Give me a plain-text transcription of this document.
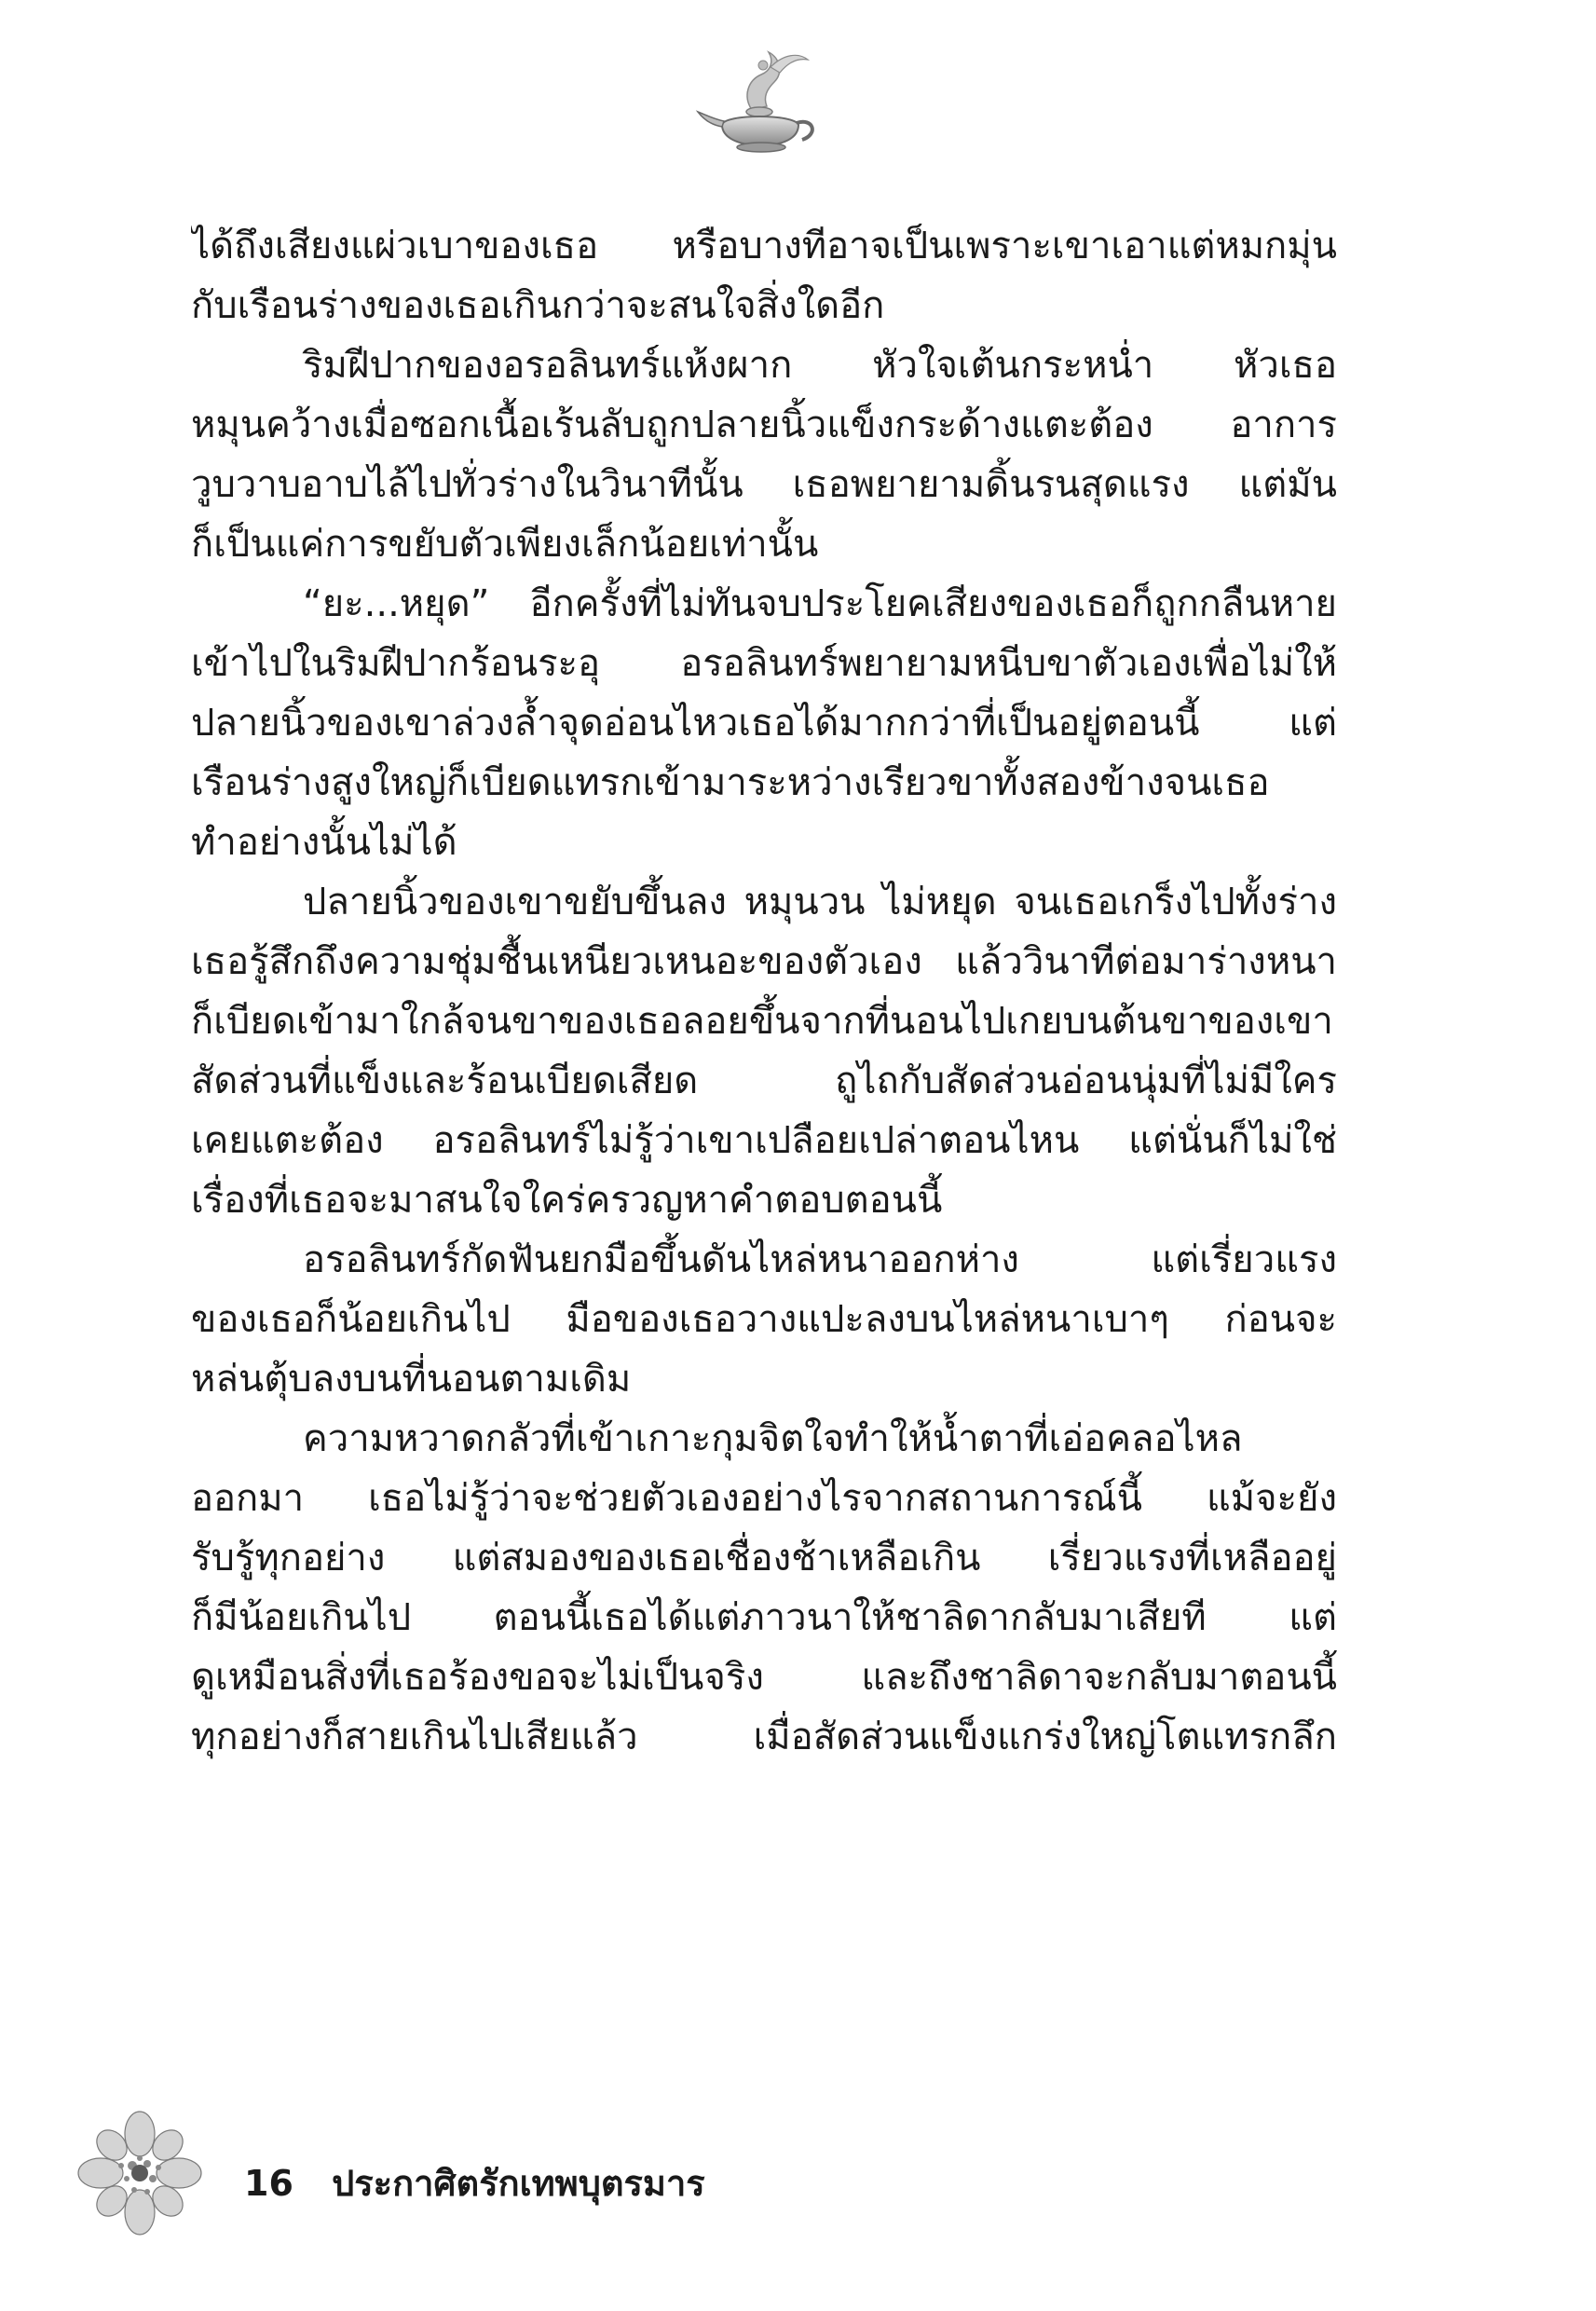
ได้ถึงเสียงแผ่วเบาของเธอ หรือบางทีอาจเป็นเพราะเขาเอาแต่หมกมุ่น
กับเรือนร่างของเธอเกินกว่าจะสนใจสิ่งใดอีก
ริมฝีปากของอรอลินทร์แห้งผาก หัวใจเต้นกระหน่ำ หัวเธอ
หมุนคว้างเมื่อซอกเนื้อเร้นลับถูกปลายนิ้วแข็งกระด้างแตะต้อง อาการ
วูบวาบอาบไล้ไปทั่วร่างในวินาทีนั้น เธอพยายามดิ้นรนสุดแรง แต่มัน
ก็เป็นแค่การขยับตัวเพียงเล็กน้อยเท่านั้น
“ยะ...หยุด” อีกครั้งที่ไม่ทันจบประโยคเสียงของเธอก็ถูกกลืนหาย
เข้าไปในริมฝีปากร้อนระอุ อรอลินทร์พยายามหนีบขาตัวเองเพื่อไม่ให้
ปลายนิ้วของเขาล่วงล้ำจุดอ่อนไหวเธอได้มากกว่าที่เป็นอยู่ตอนนี้ แต่
เรือนร่างสูงใหญ่ก็เบียดแทรกเข้ามาระหว่างเรียวขาทั้งสองข้างจนเธอ
ทำอย่างนั้นไม่ได้
ปลายนิ้วของเขาขยับขึ้นลง หมุนวน ไม่หยุด จนเธอเกร็งไปทั้งร่าง
เธอรู้สึกถึงความชุ่มชื้นเหนียวเหนอะของตัวเอง แล้ววินาทีต่อมาร่างหนา
ก็เบียดเข้ามาใกล้จนขาของเธอลอยขึ้นจากที่นอนไปเกยบนต้นขาของเขา
สัดส่วนที่แข็งและร้อนเบียดเสียด ถูไถกับสัดส่วนอ่อนนุ่มที่ไม่มีใคร
เคยแตะต้อง อรอลินทร์ไม่รู้ว่าเขาเปลือยเปล่าตอนไหน แต่นั่นก็ไม่ใช่
เรื่องที่เธอจะมาสนใจใคร่ครวญหาคำตอบตอนนี้
อรอลินทร์กัดฟันยกมือขึ้นดันไหล่หนาออกห่าง แต่เรี่ยวแรง
ของเธอก็น้อยเกินไป มือของเธอวางแปะลงบนไหล่หนาเบาๆ ก่อนจะ
หล่นตุ้บลงบนที่นอนตามเดิม
ความหวาดกลัวที่เข้าเกาะกุมจิตใจทำให้น้ำตาที่เอ่อคลอไหล
ออกมา เธอไม่รู้ว่าจะช่วยตัวเองอย่างไรจากสถานการณ์นี้ แม้จะยัง
รับรู้ทุกอย่าง แต่สมองของเธอเชื่องช้าเหลือเกิน เรี่ยวแรงที่เหลืออยู่
ก็มีน้อยเกินไป ตอนนี้เธอได้แต่ภาวนาให้ชาลิดากลับมาเสียที แต่
ดูเหมือนสิ่งที่เธอร้องขอจะไม่เป็นจริง และถึงชาลิดาจะกลับมาตอนนี้
ทุกอย่างก็สายเกินไปเสียแล้ว เมื่อสัดส่วนแข็งแกร่งใหญ่โตแทรกลึก
16 ประกาศิตรักเทพบุตรมาร
